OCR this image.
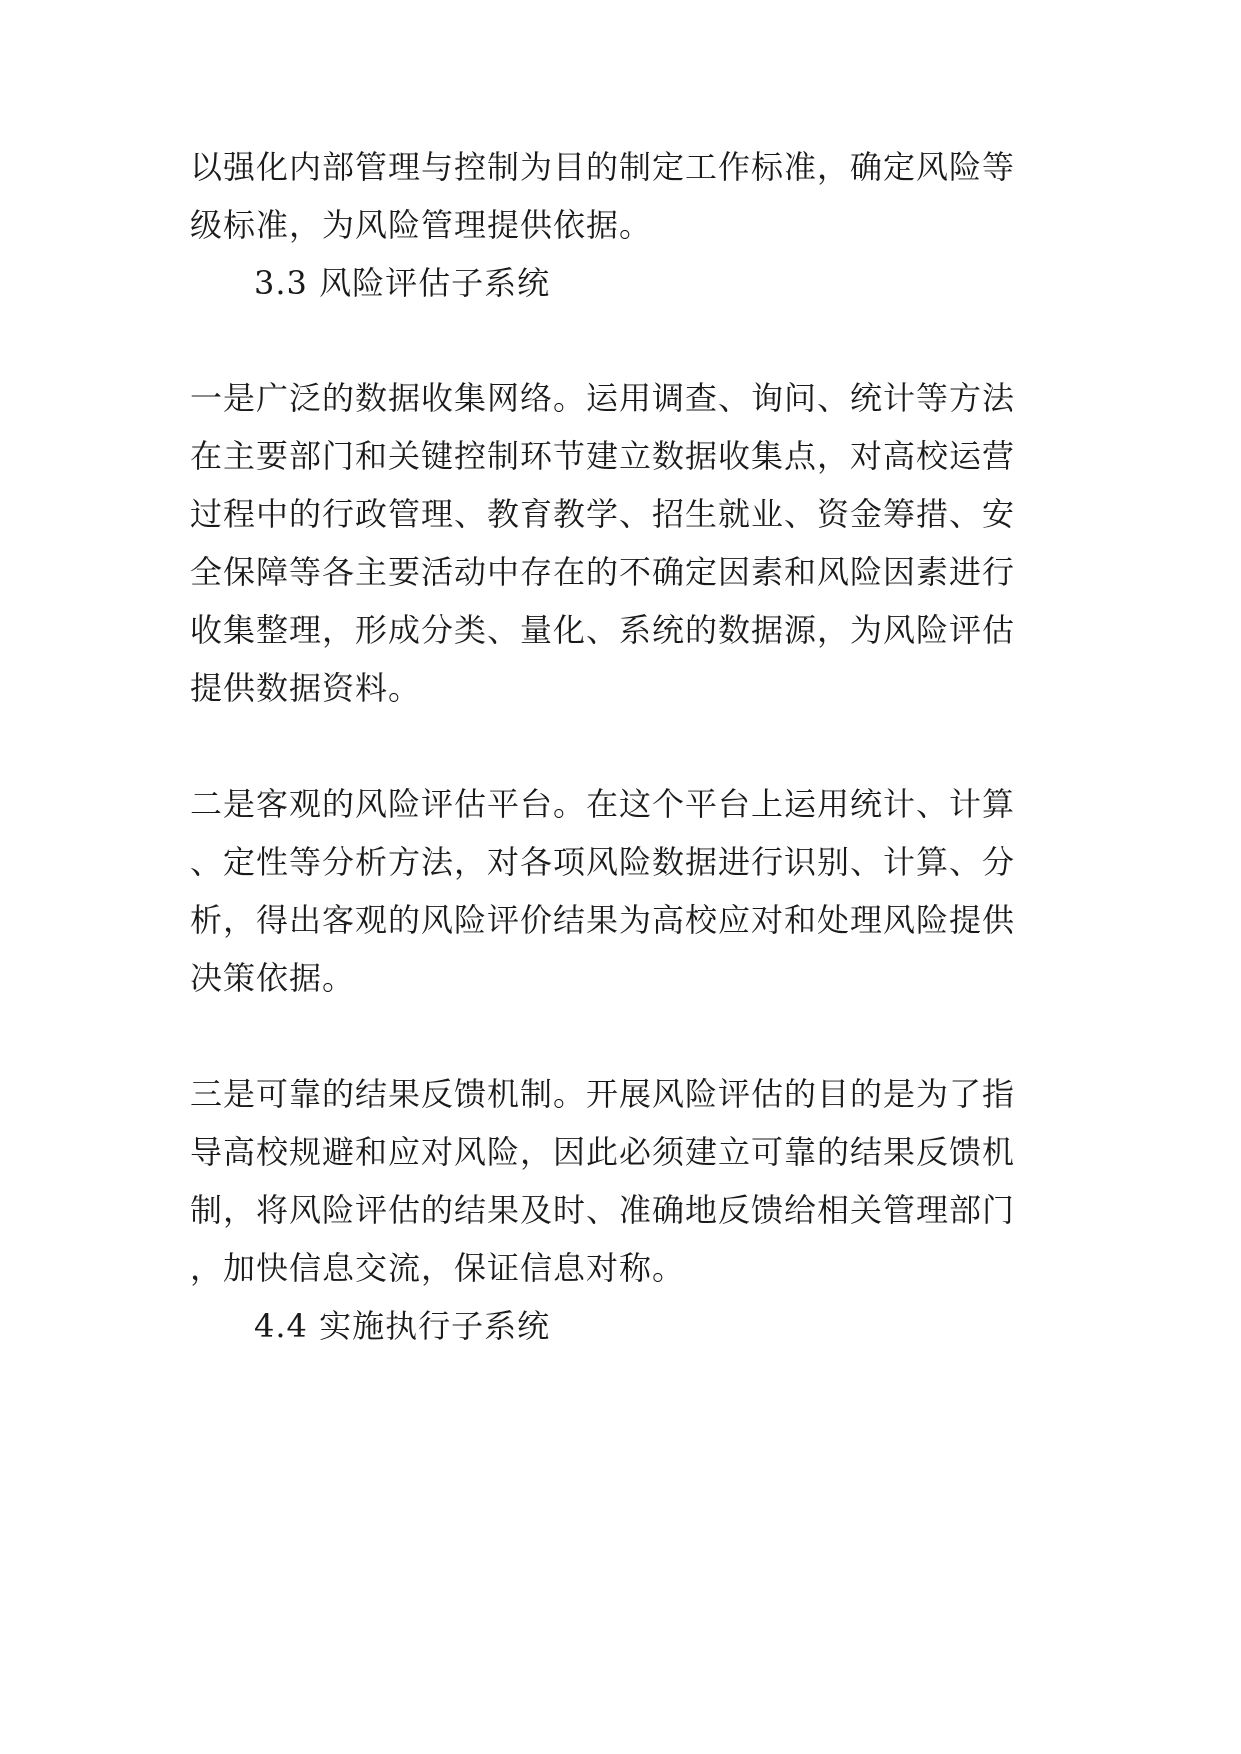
以强化内部管理与控制为目的制定工作标准，确定风险等

级标准，为风险管理提供依据。

3.3 风险评估子系统

一是广泛的数据收集网络。运用调查、询问、统计等方法

在主要部门和关键控制环节建立数据收集点，对高校运营

过程中的行政管理、教育教学、招生就业、资金筹措、安

全保障等各主要活动中存在的不确定因素和风险因素进行

收集整理，形成分类、量化、系统的数据源，为风险评估

提供数据资料。

二是客观的风险评估平台。在这个平台上运用统计、计算

、定性等分析方法，对各项风险数据进行识别、计算、分

析，得出客观的风险评价结果为高校应对和处理风险提供

决策依据。

三是可靠的结果反馈机制。开展风险评估的目的是为了指

导高校规避和应对风险，因此必须建立可靠的结果反馈机

制，将风险评估的结果及时、准确地反馈给相关管理部门

，加快信息交流，保证信息对称。

4.4 实施执行子系统
